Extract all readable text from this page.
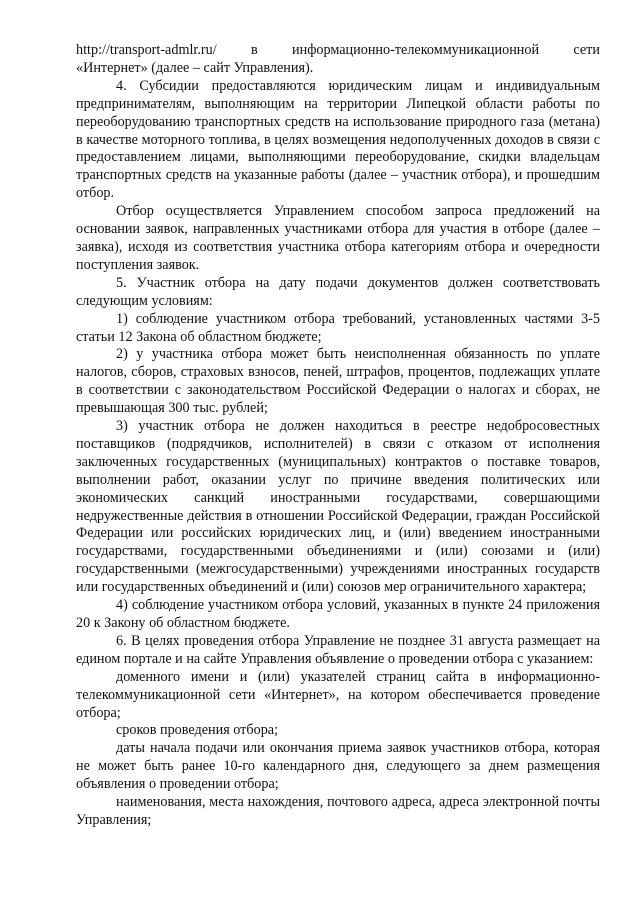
http://transport-admlr.ru/ в информационно-телекоммуникационной сети

«Интернет» (далее – сайт Управления).

4. Субсидии предоставляются юридическим лицам и индивидуальным предпринимателям, выполняющим на территории Липецкой области работы по переоборудованию транспортных средств на использование природного газа (метана) в качестве моторного топлива, в целях возмещения недополученных доходов в связи с предоставлением лицами, выполняющими переоборудование, скидки владельцам транспортных средств на указанные работы (далее – участник отбора), и прошедшим отбор.

Отбор осуществляется Управлением способом запроса предложений на основании заявок, направленных участниками отбора для участия в отборе (далее – заявка), исходя из соответствия участника отбора категориям отбора и очередности поступления заявок.

5. Участник отбора на дату подачи документов должен соответствовать следующим условиям:

1) соблюдение участником отбора требований, установленных частями 3-5 статьи 12 Закона об областном бюджете;

2) у участника отбора может быть неисполненная обязанность по уплате налогов, сборов, страховых взносов, пеней, штрафов, процентов, подлежащих уплате в соответствии с законодательством Российской Федерации о налогах и сборах, не превышающая 300 тыс. рублей;

3) участник отбора не должен находиться в реестре недобросовестных поставщиков (подрядчиков, исполнителей) в связи с отказом от исполнения заключенных государственных (муниципальных) контрактов о поставке товаров, выполнении работ, оказании услуг по причине введения политических или экономических санкций иностранными государствами, совершающими недружественные действия в отношении Российской Федерации, граждан Российской Федерации или российских юридических лиц, и (или) введением иностранными государствами, государственными объединениями и (или) союзами и (или) государственными (межгосударственными) учреждениями иностранных государств или государственных объединений и (или) союзов мер ограничительного характера;

4) соблюдение участником отбора условий, указанных в пункте 24 приложения 20 к Закону об областном бюджете.

6. В целях проведения отбора Управление не позднее 31 августа размещает на едином портале и на сайте Управления объявление о проведении отбора с указанием:

доменного имени и (или) указателей страниц сайта в информационно-телекоммуникационной сети «Интернет», на котором обеспечивается проведение отбора;

сроков проведения отбора;

даты начала подачи или окончания приема заявок участников отбора, которая не может быть ранее 10-го календарного дня, следующего за днем размещения объявления о проведении отбора;

наименования, места нахождения, почтового адреса, адреса электронной почты Управления;
